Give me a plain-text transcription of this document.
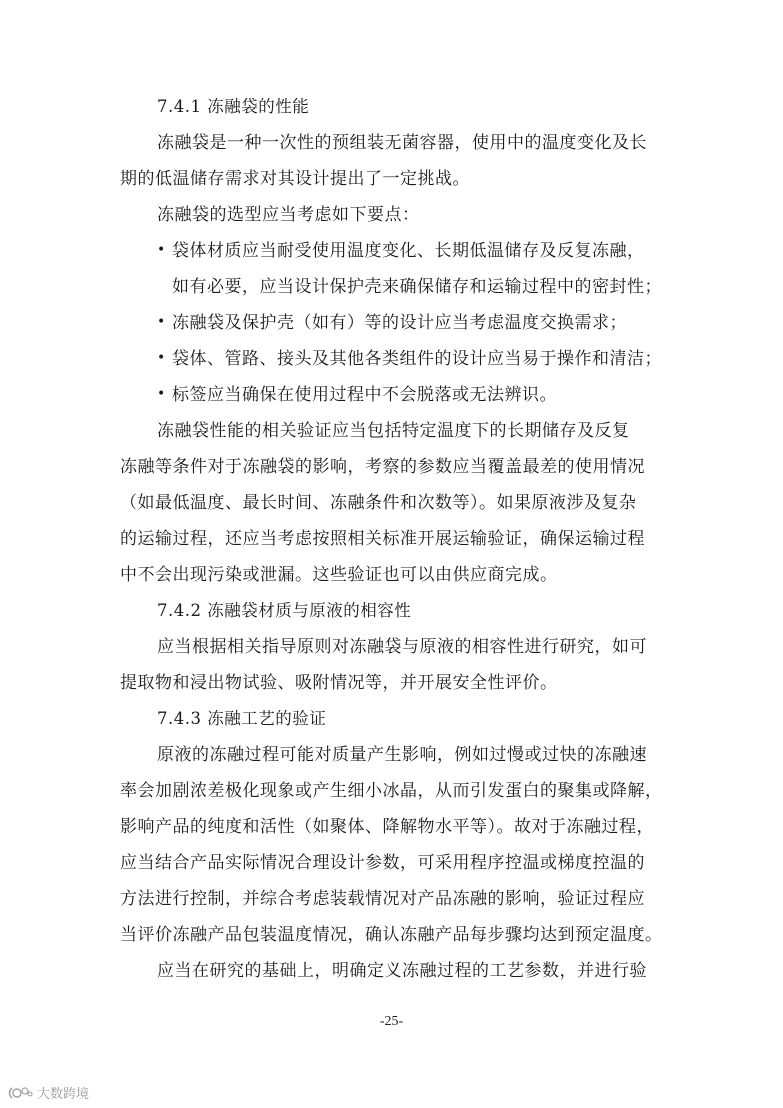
7.4.1 冻融袋的性能
冻融袋是一种一次性的预组装无菌容器，使用中的温度变化及长
期的低温储存需求对其设计提出了一定挑战。
冻融袋的选型应当考虑如下要点：
• 袋体材质应当耐受使用温度变化、长期低温储存及反复冻融，
如有必要，应当设计保护壳来确保储存和运输过程中的密封性；
• 冻融袋及保护壳（如有）等的设计应当考虑温度交换需求；
• 袋体、管路、接头及其他各类组件的设计应当易于操作和清洁；
• 标签应当确保在使用过程中不会脱落或无法辨识。
冻融袋性能的相关验证应当包括特定温度下的长期储存及反复
冻融等条件对于冻融袋的影响，考察的参数应当覆盖最差的使用情况
（如最低温度、最长时间、冻融条件和次数等）。如果原液涉及复杂
的运输过程，还应当考虑按照相关标准开展运输验证，确保运输过程
中不会出现污染或泄漏。这些验证也可以由供应商完成。
7.4.2 冻融袋材质与原液的相容性
应当根据相关指导原则对冻融袋与原液的相容性进行研究，如可
提取物和浸出物试验、吸附情况等，并开展安全性评价。
7.4.3 冻融工艺的验证
原液的冻融过程可能对质量产生影响，例如过慢或过快的冻融速
率会加剧浓差极化现象或产生细小冰晶，从而引发蛋白的聚集或降解，
影响产品的纯度和活性（如聚体、降解物水平等）。故对于冻融过程，
应当结合产品实际情况合理设计参数，可采用程序控温或梯度控温的
方法进行控制，并综合考虑装载情况对产品冻融的影响，验证过程应
当评价冻融产品包装温度情况，确认冻融产品每步骤均达到预定温度。
应当在研究的基础上，明确定义冻融过程的工艺参数，并进行验
-25-
大数跨境
